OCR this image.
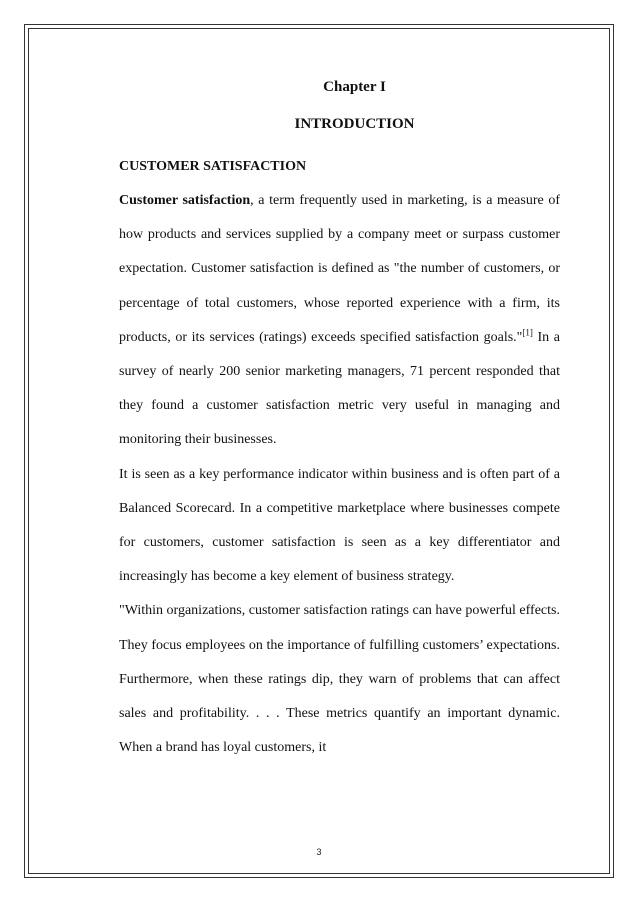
Chapter I

INTRODUCTION

CUSTOMER SATISFACTION

Customer satisfaction, a term frequently used in marketing, is a measure of how products and services supplied by a company meet or surpass customer expectation. Customer satisfaction is defined as "the number of customers, or percentage of total customers, whose reported experience with a firm, its products, or its services (ratings) exceeds specified satisfaction goals."[1] In a survey of nearly 200 senior marketing managers, 71 percent responded that they found a customer satisfaction metric very useful in managing and monitoring their businesses.

It is seen as a key performance indicator within business and is often part of a Balanced Scorecard. In a competitive marketplace where businesses compete for customers, customer satisfaction is seen as a key differentiator and increasingly has become a key element of business strategy.

"Within organizations, customer satisfaction ratings can have powerful effects. They focus employees on the importance of fulfilling customers’ expectations. Furthermore, when these ratings dip, they warn of problems that can affect sales and profitability. . . . These metrics quantify an important dynamic. When a brand has loyal customers, it

3
